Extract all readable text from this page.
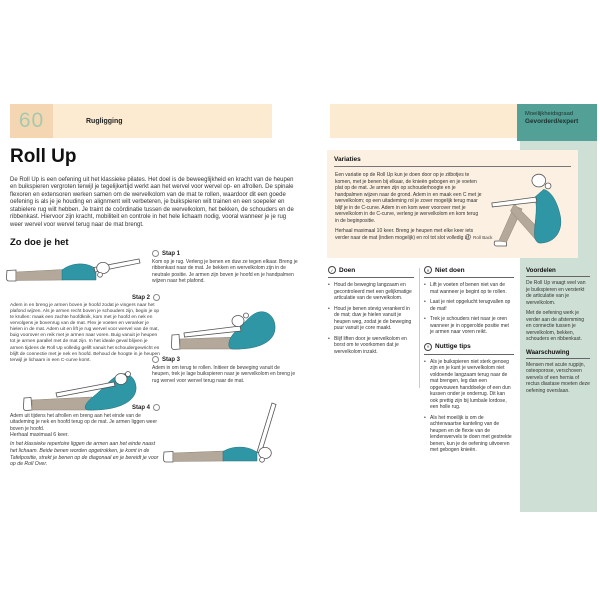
60	Rugligging
Roll Up
De Roll Up is een oefening uit het klassieke pilates. Het doel is de beweeglijkheid en kracht van de heupen en buikspieren vergroten terwijl je tegelijkertijd werkt aan het wervel voor wervel op- en afrollen. De spinale flexoren en extensoren werken samen om de wervelkolom van de mat te rollen, waardoor dit een goede oefening is als je je houding en alignment wilt verbeteren, je buikspieren wilt trainen en een soepeler en stabielere rug wilt hebben. Je traint de coördinatie tussen de wervelkolom, het bekken, de schouders en de ribbenkast. Hiervoor zijn kracht, mobiliteit en controle in het hele lichaam nodig, vooral wanneer je je rug weer wervel voor wervel terug naar de mat brengt.
Zo doe je het
Stap 1
Kom op je rug. Verleng je benen en duw ze tegen elkaar. Breng je ribbenkast naar de mat. Je bekken en wervelkolom zijn in de neutrale positie. Je armen zijn boven je hoofd en je handpalmen wijzen naar het plafond.
Stap 2
Adem in en breng je armen boven je hoofd zodat je vingers naar het plafond wijzen. Als je armen recht boven je schouders zijn, begin je op te krullen: maak een zachte hoofdknik, kom met je hoofd en nek en vervolgens je bovenrug van de mat. Flex je voeten en veranker je hielen in de mat. Adem uit en lift je rug wervel voor wervel van de mat, buig voorover en reik met je armen naar voren. Buig vanuit je heupen tot je armen parallel met de mat zijn. In het ideale geval blijven je armen tijdens de Roll Up volledig gelift vanuit het schoudergewricht en blijft de connectie met je nek en hoofd. Behoud de hoogte in je heupen terwijl je lichaam in een C-curve komt.	Stap 3
Adem in om terug te rollen. Initieer de beweging vanuit de heupen, trek je lage buikspieren naar je wervelkolom en breng je rug wervel voor wervel terug naar de mat.
Stap 4
Adem uit tijdens het afrollen en breng aan het einde van de uitademing je nek en hoofd terug op de mat. Je armen liggen weer boven je hoofd.
Herhaal maximaal 6 keer.
In het klassieke repertoire liggen de armen aan het einde naast het lichaam. Beide benen worden opgetrokken, je komt in de Tafelpositie, strekt je benen op de diagonaal en je bereidt je voor op de Roll Over.
Moeilijkheidsgraad
Gevorderd/expert
Voordelen

De Roll Up vraagt veel van je buikspieren en versterkt de articulatie van je wervelkolom.

Met de oefening werk je verder aan de afstemming en connectie tussen je wervelkolom, bekken, schouders en ribbenkast.

Waarschuwing

Mensen met acute rugpijn, osteoporose, verschoven wervels of een hernia of rectus diastase moeten deze oefening overslaan.

Variaties

Een variatie op de Roll Up kun je doen door op je zitbotjes te komen, met je benen bij elkaar, de knieën gebogen en je voeten plat op de mat. Je armen zijn op schouderhoogte en je handpalmen wijzen naar de grond. Adem in en maak een C met je wervelkolom; op een uitademing rol je zover mogelijk terug maar blijf je in de C-curve. Adem in en kom weer voorover met je wervelkolom in de C-curve, verleng je wervelkolom en kom terug in de beginpositie.

Herhaal maximaal 10 keer. Breng je heupen met elke keer iets verder naar de mat (indien mogelijk) en rol tot slot volledig af. Roll Back
✓ Doen
• Houd de beweging langzaam en gecontroleerd met een gelijkmatige articulatie van de wervelkolom.
• Houd je benen stevig verankerd in de mat; duw je hielen vanuit je heupen weg, zodat je de beweging puur vanuit je core maakt.
• Blijf liften door je wervelkolom en borst om te voorkomen dat je wervelkolom inzakt.
✕ Niet doen
• Lift je voeten of benen niet van de mat wanneer je begint op te rollen.
• Laat je niet opgelucht terugvallen op de mat!
• Trek je schouders niet naar je oren wanneer je in opgerolde positie met je armen naar voren reikt.
✳ Nuttige tips
• Als je buikspieren niet sterk genoeg zijn en je kunt je wervelkolom niet voldoende langzaam terug naar de mat brengen, leg dan een opgevouwen handdoekje of een dun kussen onder je onderrug. Dit kan ook prettig zijn bij lumbale lordose, een holle rug.
• Als het moeilijk is om de achterwaartse kanteling van de heupen en de flexie van de lendenwervels te doen met gestrekte benen, kun je de oefening uitvoeren met gebogen knieën.
